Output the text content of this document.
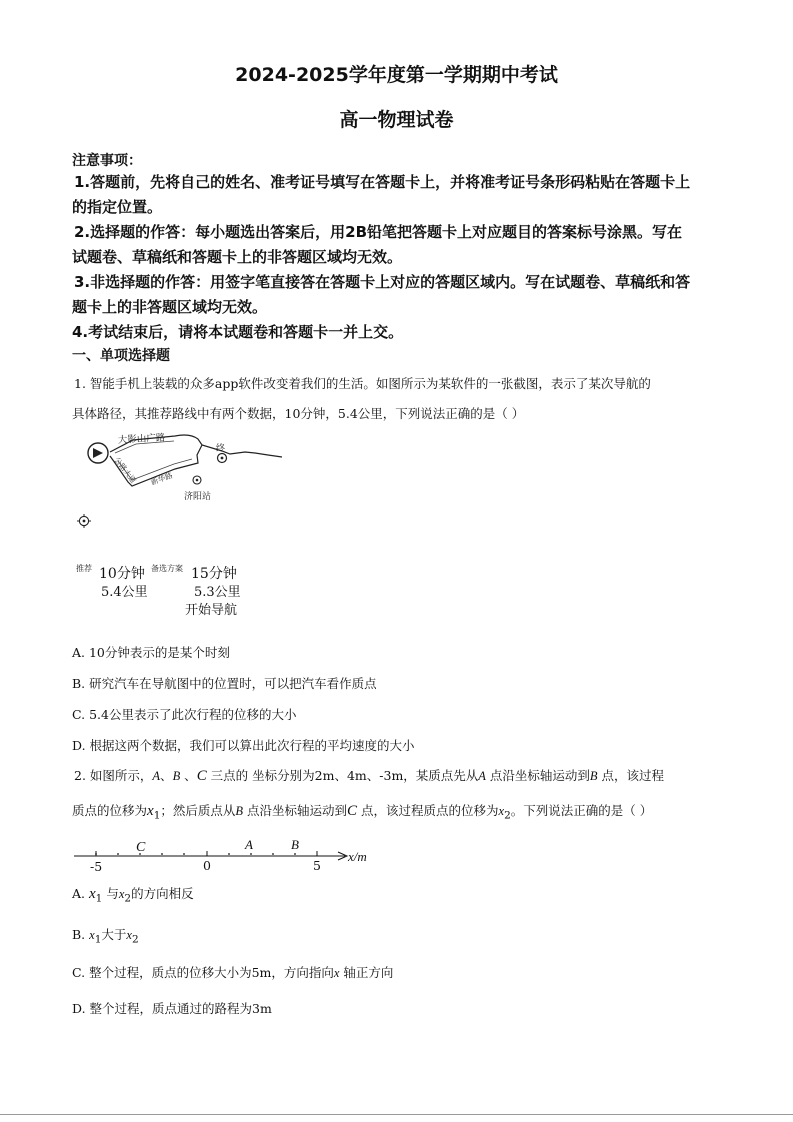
2024-2025学年度第一学期期中考试
高一物理试卷
注意事项：
1.答题前，先将自己的姓名、准考证号填写在答题卡上，并将准考证号条形码粘贴在答题卡上
的指定位置。
2.选择题的作答：每小题选出答案后，用2B铅笔把答题卡上对应题目的答案标号涂黑。写在
试题卷、草稿纸和答题卡上的非答题区域均无效。
3.非选择题的作答：用签字笔直接答在答题卡上对应的答题区域内。写在试题卷、草稿纸和答
题卡上的非答题区域均无效。
4.考试结束后，请将本试题卷和答题卡一并上交。
一、单项选择题
1. 智能手机上装载的众多app软件改变着我们的生活。如图所示为某软件的一张截图，表示了某次导航的
具体路径，其推荐路线中有两个数据，10分钟，5.4公里，下列说法正确的是（ ）
终
济阳站
大影山广路
公路大道 新华路
推荐 10分钟 备选方案 15分钟
5.4公里	5.3公里
开始导航
A. 10分钟表示的是某个时刻
B. 研究汽车在导航图中的位置时，可以把汽车看作质点
C. 5.4公里表示了此次行程的位移的大小
D. 根据这两个数据，我们可以算出此次行程的平均速度的大小
2. 如图所示，A、B 、C 三点的 坐标分别为2m、4m、-3m，某质点先从A 点沿坐标轴运动到B 点，该过程
质点的位移为$x_1$；然后质点从B 点沿坐标轴运动到C 点，该过程质点的位移为$x_2$。下列说法正确的是（ ）
C	A	B
-5	0	5
x/m
A. $x_1$ 与$x_2$的方向相反
B. $x_1$大于$x_2$
C. 整个过程，质点的位移大小为5m，方向指向x 轴正方向
D. 整个过程，质点通过的路程为3m
